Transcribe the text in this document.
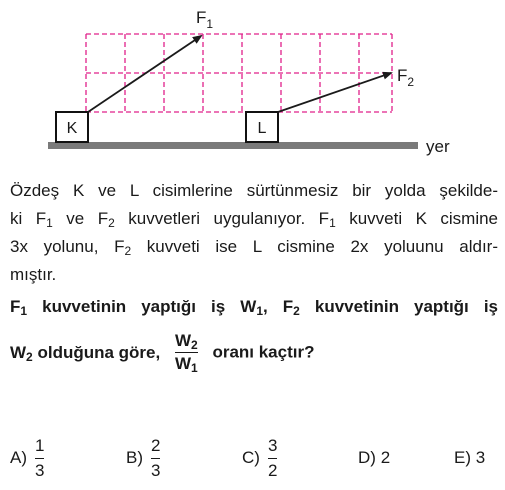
yer
K	L
$F_1$
$F_2$
Özdeş K ve L cisimlerine sürtünmesiz bir yolda şekilde-
ki $F_1$ ve $F_2$ kuvvetleri uygulanıyor. $F_1$ kuvveti K cismine
3x yolunu, $F_2$ kuvveti ise L cismine 2x yoluunu aldır-
mıştır.
$F_1$ kuvvetinin yaptığı iş $W_1$, $F_2$ kuvvetinin yaptığı iş
$W_2$ olduğuna göre, $\frac{W_2}{W_1}$ oranı kaçtır?
$A) \frac{1}{3}$	$B) \frac{2}{3}$	$C) \frac{3}{2}$	D)
2	E)
3
